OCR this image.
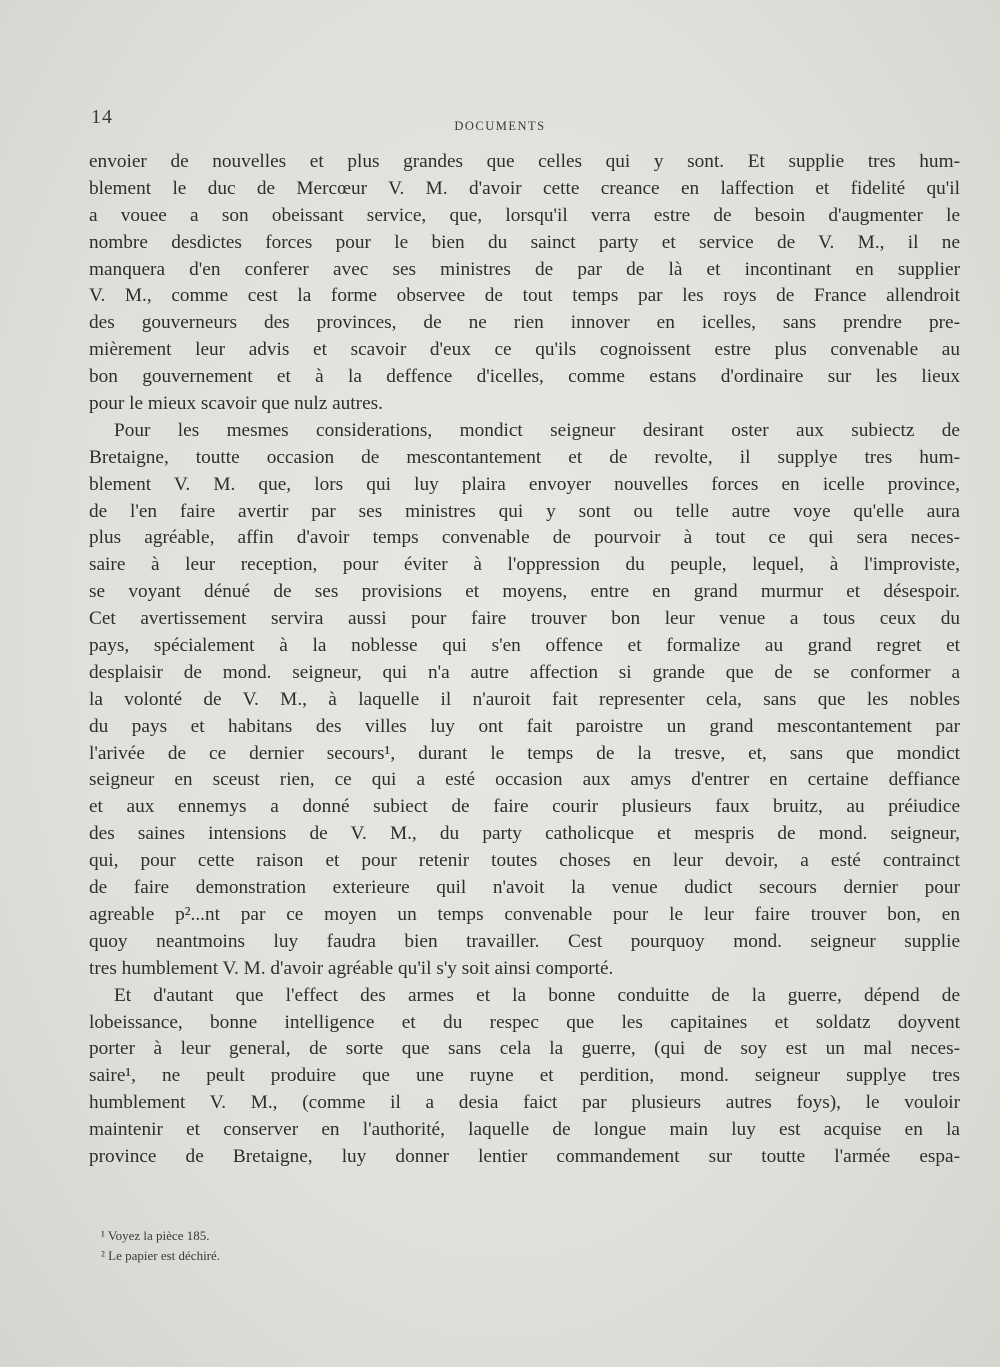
14	DOCUMENTS
envoier de nouvelles et plus grandes que celles qui y sont. Et supplie tres hum-
blement le duc de Mercœur V. M. d'avoir cette creance en laffection et fidelité qu'il
a vouee a son obeissant service, que, lorsqu'il verra estre de besoin d'augmenter le
nombre desdictes forces pour le bien du sainct party et service de V. M., il ne
manquera d'en conferer avec ses ministres de par de là et incontinant en supplier
V. M., comme cest la forme observee de tout temps par les roys de France allendroit
des gouverneurs des provinces, de ne rien innover en icelles, sans prendre pre-
mièrement leur advis et scavoir d'eux ce qu'ils cognoissent estre plus convenable au
bon gouvernement et à la deffence d'icelles, comme estans d'ordinaire sur les lieux
pour le mieux scavoir que nulz autres.
Pour les mesmes considerations, mondict seigneur desirant oster aux subiectz de
Bretaigne, toutte occasion de mescontantement et de revolte, il supplye tres hum-
blement V. M. que, lors qui luy plaira envoyer nouvelles forces en icelle province,
de l'en faire avertir par ses ministres qui y sont ou telle autre voye qu'elle aura
plus agréable, affin d'avoir temps convenable de pourvoir à tout ce qui sera neces-
saire à leur reception, pour éviter à l'oppression du peuple, lequel, à l'improviste,
se voyant dénué de ses provisions et moyens, entre en grand murmur et désespoir.
Cet avertissement servira aussi pour faire trouver bon leur venue a tous ceux du
pays, spécialement à la noblesse qui s'en offence et formalize au grand regret et
desplaisir de mond. seigneur, qui n'a autre affection si grande que de se conformer a
la volonté de V. M., à laquelle il n'auroit fait representer cela, sans que les nobles
du pays et habitans des villes luy ont fait paroistre un grand mescontantement par
l'arivée de ce dernier secours¹, durant le temps de la tresve, et, sans que mondict
seigneur en sceust rien, ce qui a esté occasion aux amys d'entrer en certaine deffiance
et aux ennemys a donné subiect de faire courir plusieurs faux bruitz, au préiudice
des saines intensions de V. M., du party catholicque et mespris de mond. seigneur,
qui, pour cette raison et pour retenir toutes choses en leur devoir, a esté contrainct
de faire demonstration exterieure quil n'avoit la venue dudict secours dernier pour
agreable p²...nt par ce moyen un temps convenable pour le leur faire trouver bon, en
quoy neantmoins luy faudra bien travailler. Cest pourquoy mond. seigneur supplie
tres humblement V. M. d'avoir agréable qu'il s'y soit ainsi comporté.
Et d'autant que l'effect des armes et la bonne conduitte de la guerre, dépend de
lobeissance, bonne intelligence et du respec que les capitaines et soldatz doyvent
porter à leur general, de sorte que sans cela la guerre, (qui de soy est un mal neces-
saire¹, ne peult produire que une ruyne et perdition, mond. seigneur supplye tres
humblement V. M., (comme il a desia faict par plusieurs autres foys), le vouloir
maintenir et conserver en l'authorité, laquelle de longue main luy est acquise en la
province de Bretaigne, luy donner lentier commandement sur toutte l'armée espa-
¹ Voyez la pièce 185.
² Le papier est déchiré.
